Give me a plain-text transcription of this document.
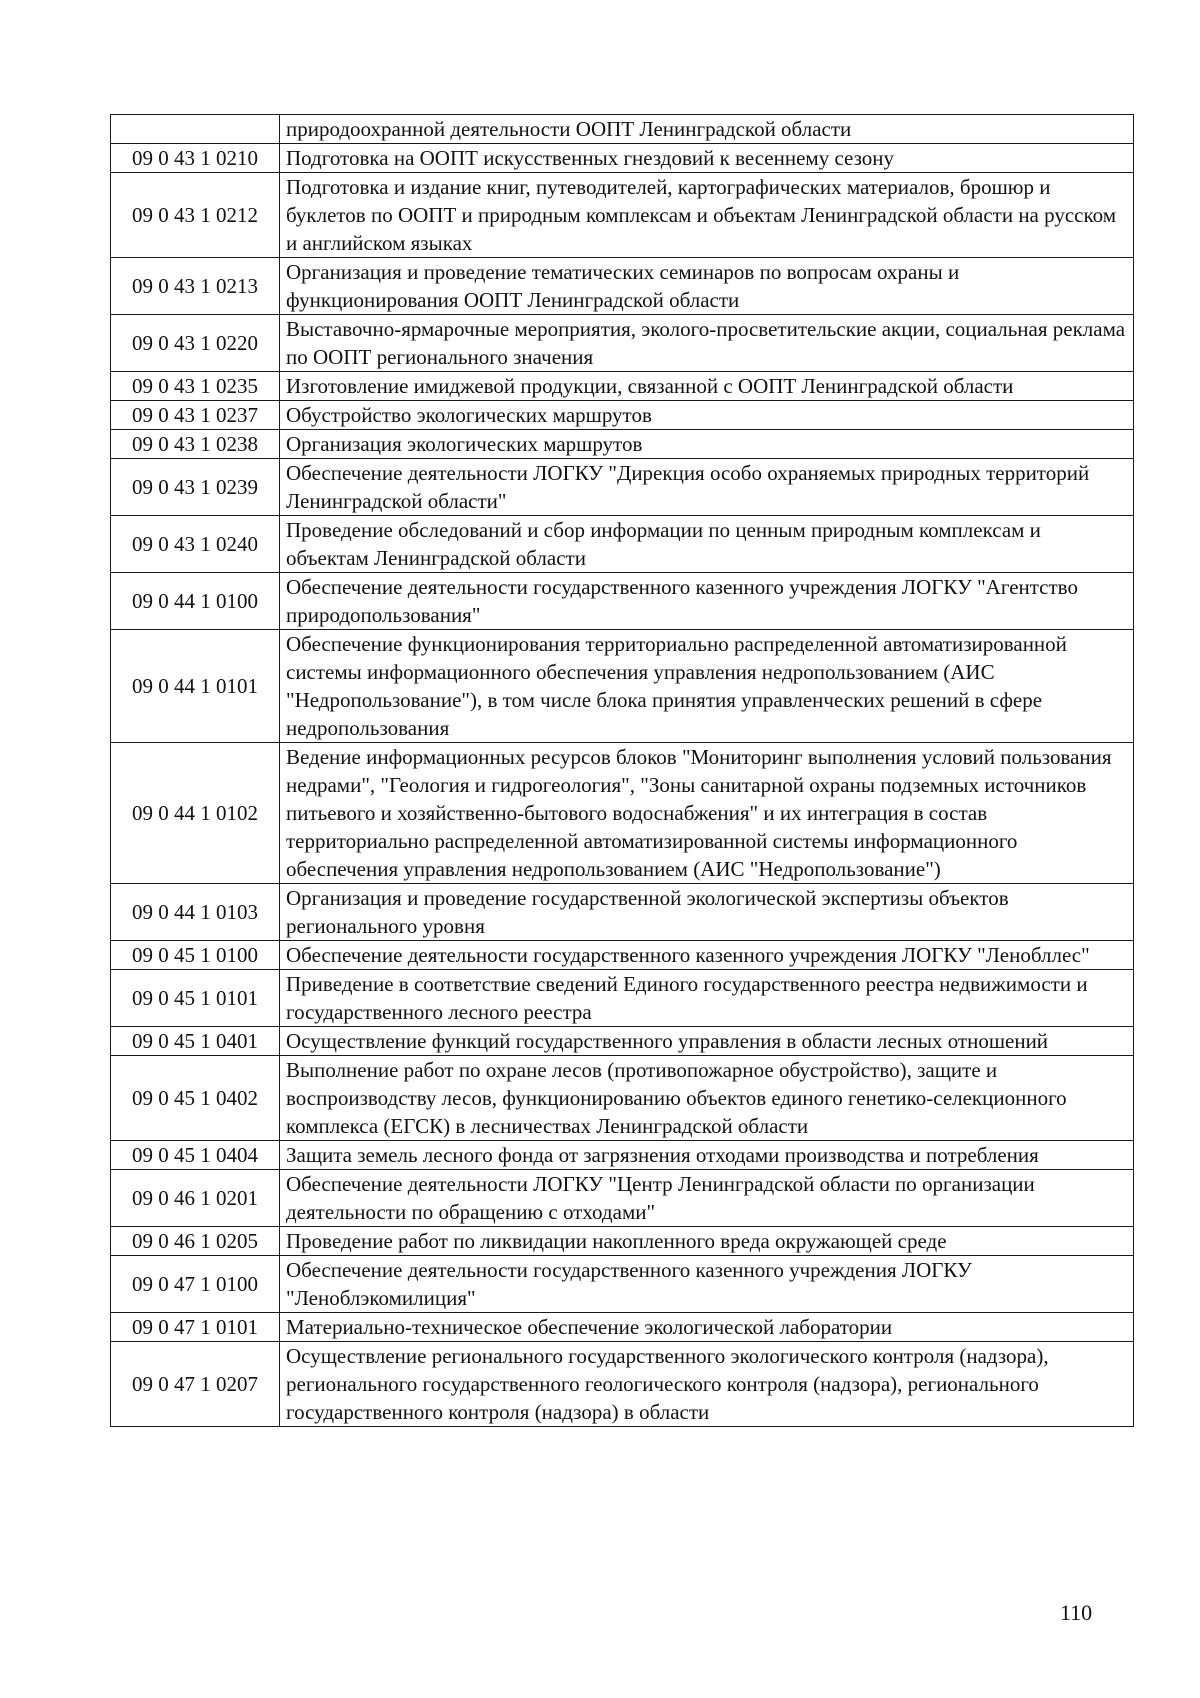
	природоохранной деятельности ООПТ Ленинградской области
09 0 43 1 0210	Подготовка на ООПТ искусственных гнездовий к весеннему сезону
09 0 43 1 0212	Подготовка и издание книг, путеводителей, картографических материалов, брошюр и буклетов по ООПТ и природным комплексам и объектам Ленинградской области на русском и английском языках
09 0 43 1 0213	Организация и проведение тематических семинаров по вопросам охраны и функционирования ООПТ Ленинградской области
09 0 43 1 0220	Выставочно-ярмарочные мероприятия, эколого-просветительские акции, социальная реклама по ООПТ регионального значения
09 0 43 1 0235	Изготовление имиджевой продукции, связанной с ООПТ Ленинградской области
09 0 43 1 0237	Обустройство экологических маршрутов
09 0 43 1 0238	Организация экологических маршрутов
09 0 43 1 0239	Обеспечение деятельности ЛОГКУ "Дирекция особо охраняемых природных территорий Ленинградской области"
09 0 43 1 0240	Проведение обследований и сбор информации по ценным природным комплексам и объектам Ленинградской области
09 0 44 1 0100	Обеспечение деятельности государственного казенного учреждения ЛОГКУ "Агентство природопользования"
09 0 44 1 0101	Обеспечение функционирования территориально распределенной автоматизированной системы информационного обеспечения управления недропользованием (АИС "Недропользование"), в том числе блока принятия управленческих решений в сфере недропользования
09 0 44 1 0102	Ведение информационных ресурсов блоков "Мониторинг выполнения условий пользования недрами", "Геология и гидрогеология", "Зоны санитарной охраны подземных источников питьевого и хозяйственно-бытового водоснабжения" и их интеграция в состав территориально распределенной автоматизированной системы информационного обеспечения управления недропользованием (АИС "Недропользование")
09 0 44 1 0103	Организация и проведение государственной экологической экспертизы объектов регионального уровня
09 0 45 1 0100	Обеспечение деятельности государственного казенного учреждения ЛОГКУ "Ленобллес"
09 0 45 1 0101	Приведение в соответствие сведений Единого государственного реестра недвижимости и государственного лесного реестра
09 0 45 1 0401	Осуществление функций государственного управления в области лесных отношений
09 0 45 1 0402	Выполнение работ по охране лесов (противопожарное обустройство), защите и воспроизводству лесов, функционированию объектов единого генетико-селекционного комплекса (ЕГСК) в лесничествах Ленинградской области
09 0 45 1 0404	Защита земель лесного фонда от загрязнения отходами производства и потребления
09 0 46 1 0201	Обеспечение деятельности ЛОГКУ "Центр Ленинградской области по организации деятельности по обращению с отходами"
09 0 46 1 0205	Проведение работ по ликвидации накопленного вреда окружающей среде
09 0 47 1 0100	Обеспечение деятельности государственного казенного учреждения ЛОГКУ "Леноблэкомилиция"
09 0 47 1 0101	Материально-техническое обеспечение экологической лаборатории
09 0 47 1 0207	Осуществление регионального государственного экологического контроля (надзора), регионального государственного геологического контроля (надзора), регионального государственного контроля (надзора) в области
110
